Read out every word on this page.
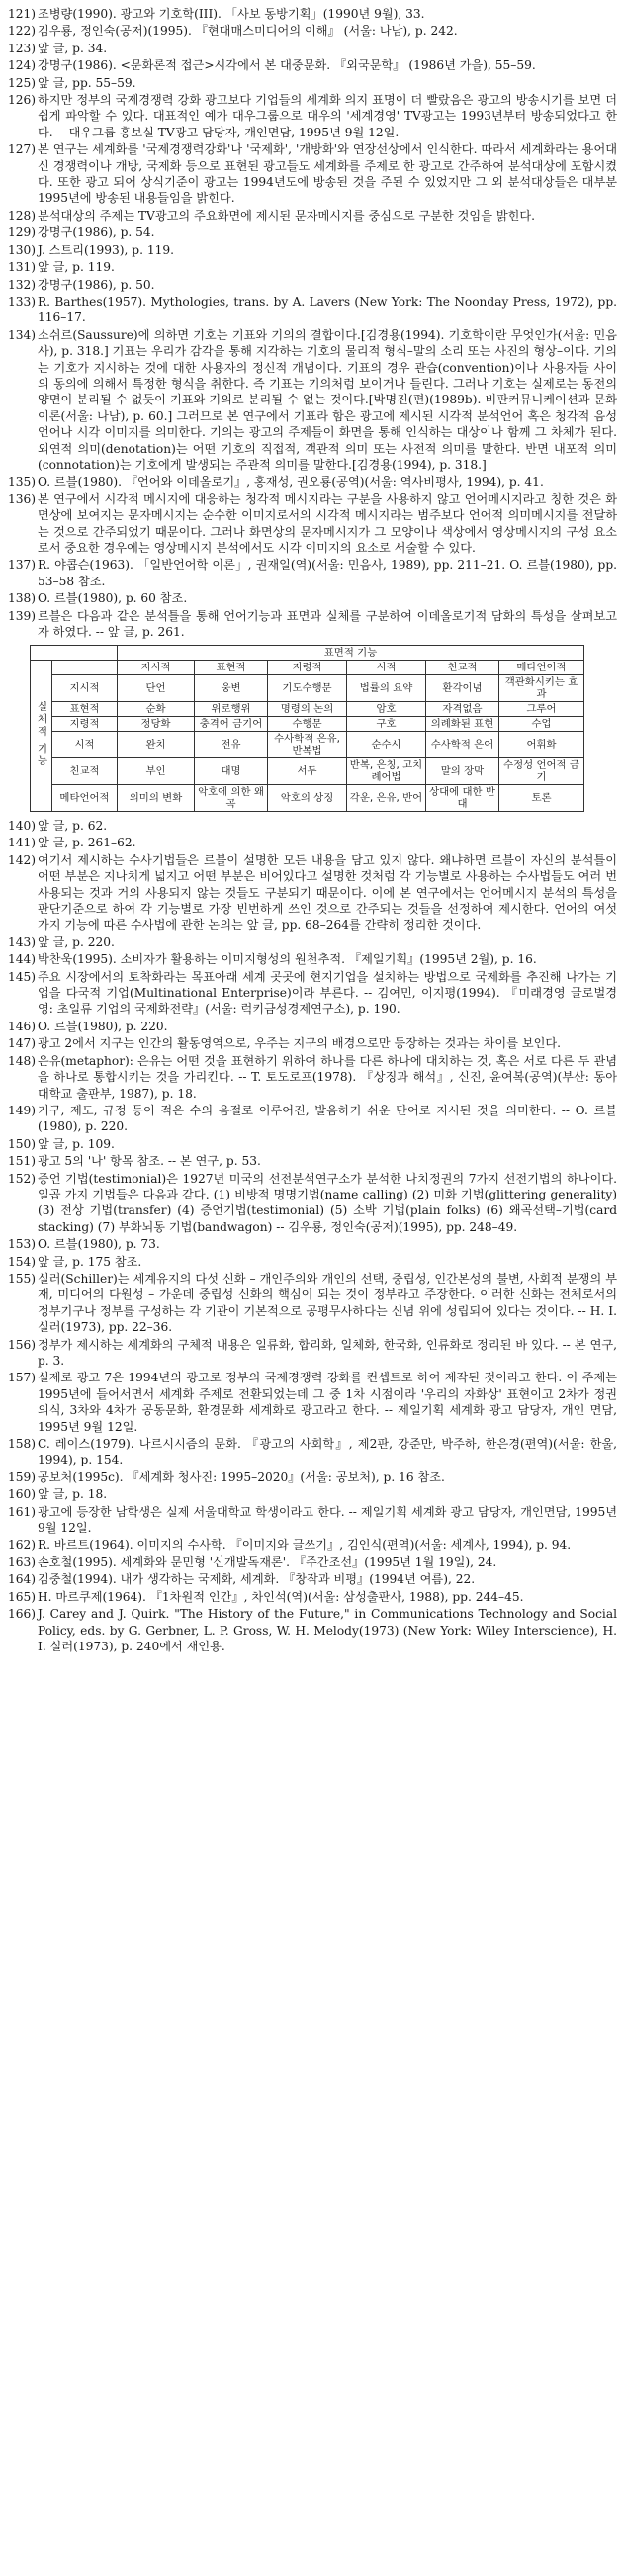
121) 조병량(1990). 광고와 기호학(III). 「사보 동방기획」(1990년 9월), 33.
122) 김우룡, 정인숙(공저)(1995). 『현대매스미디어의 이해』 (서울: 나남), p. 242.
123) 앞 글, p. 34.
124) 강명구(1986). <문화론적 접근>시각에서 본 대중문화. 『외국문학』 (1986년 가을), 55–59.
125) 앞 글, pp. 55–59.
126) 하지만 정부의 국제경쟁력 강화 광고보다 기업들의 세계화 의지 표명이 더 빨랐음은 광고의 방송시기를 보면 더 쉽게 파악할 수 있다. 대표적인 예가 대우그룹으로 대우의 '세계경영' TV광고는 1993년부터 방송되었다고 한다. -- 대우그룹 홍보실 TV광고 담당자, 개인면담, 1995년 9월 12일.
127) 본 연구는 세계화를 '국제경쟁력강화'나 '국제화', '개방화'와 연장선상에서 인식한다. 따라서 세계화라는 용어대신 경쟁력이나 개방, 국제화 등으로 표현된 광고들도 세계화를 주제로 한 광고로 간주하여 분석대상에 포함시켰다. 또한 광고 되어 상식기준이 광고는 1994년도에 방송된 것을 주된 수 있었지만 그 외 분석대상들은 대부분 1995년에 방송된 내용들임을 밝힌다.
128) 분석대상의 주제는 TV광고의 주요화면에 제시된 문자메시지를 중심으로 구분한 것임을 밝힌다.
129) 강명구(1986), p. 54.
130) J. 스트리(1993), p. 119.
131) 앞 글, p. 119.
132) 강명구(1986), p. 50.
133) R. Barthes(1957). Mythologies, trans. by A. Lavers (New York: The Noonday Press, 1972), pp. 116–17.
134) 소쉬르(Saussure)에 의하면 기호는 기표와 기의의 결합이다.[김경용(1994). 기호학이란 무엇인가(서울: 민음사), p. 318.] 기표는 우리가 감각을 통해 지각하는 기호의 물리적 형식–말의 소리 또는 사진의 형상–이다. 기의는 기호가 지시하는 것에 대한 사용자의 정신적 개념이다. 기표의 경우 관습(convention)이나 사용자들 사이의 동의에 의해서 특정한 형식을 취한다. 즉 기표는 기의처럼 보이거나 들린다. 그러나 기호는 실제로는 동전의 양면이 분리될 수 없듯이 기표와 기의로 분리될 수 없는 것이다.[박명진(편)(1989b). 비판커뮤니케이션과 문화이론(서울: 나남), p. 60.] 그러므로 본 연구에서 기표라 함은 광고에 제시된 시각적 분석언어 혹은 청각적 음성언어나 시각 이미지를 의미한다. 기의는 광고의 주제들이 화면을 통해 인식하는 대상이나 함께 그 차체가 된다. 외연적 의미(denotation)는 어떤 기호의 직접적, 객관적 의미 또는 사전적 의미를 말한다. 반면 내포적 의미(connotation)는 기호에게 발생되는 주관적 의미를 말한다.[김경용(1994), p. 318.]
135) O. 르블(1980). 『언어와 이데올로기』, 홍재성, 권오룡(공역)(서울: 역사비평사, 1994), p. 41.
136) 본 연구에서 시각적 메시지에 대응하는 청각적 메시지라는 구분을 사용하지 않고 언어메시지라고 칭한 것은 화면상에 보여지는 문자메시지는 순수한 이미지로서의 시각적 메시지라는 범주보다 언어적 의미메시지를 전달하는 것으로 간주되었기 때문이다. 그러나 화면상의 문자메시지가 그 모양이나 색상에서 영상메시지의 구성 요소로서 중요한 경우에는 영상메시지 분석에서도 시각 이미지의 요소로 서술할 수 있다.
137) R. 야콥슨(1963). 「일반언어학 이론」, 권재일(역)(서울: 민음사, 1989), pp. 211–21. O. 르블(1980), pp. 53–58 참조.
138) O. 르블(1980), p. 60 참조.
139) 르블은 다음과 같은 분석틀을 통해 언어기능과 표면과 실체를 구분하여 이데올로기적 담화의 특성을 살펴보고자 하였다. -- 앞 글, p. 261.
		표면적 기능					
실체적 기능		지시적	표현적	지령적	시적	친교적	메타언어적
	지시적	단언	웅변	기도수행문	법률의 요약	환각이념	객관화시키는 효과
	표현적	순화	위로행위	명령의 논의	암호	자격없음	그루어
	지령적	정당화	충격어 금기어	수행문	구호	의례화된 표현	수업
	시적	완치	전유	수사학적 은유, 반복법	순수시	수사학적 은어	어휘화
	친교적	부인	대명	서두	반복, 은칭, 고치례어법	말의 장막	수정성 언어적 금기
	메타언어적	의미의 변화	악호에 의한 왜곡	악호의 상징	각운, 은유, 반어	상대에 대한 반대	토론
140) 앞 글, p. 62.
141) 앞 글, p. 261–62.
142) 여기서 제시하는 수사기법들은 르블이 설명한 모든 내용을 담고 있지 않다. 왜냐하면 르블이 자신의 분석틀이 어떤 부분은 지나치게 넓지고 어떤 부분은 비어있다고 설명한 것처럼 각 기능별로 사용하는 수사법들도 여러 번 사용되는 것과 거의 사용되지 않는 것들도 구분되기 때문이다. 이에 본 연구에서는 언어메시지 분석의 특성을 판단기준으로 하여 각 기능별로 가장 빈번하게 쓰인 것으로 간주되는 것들을 선정하여 제시한다. 언어의 여섯 가지 기능에 따른 수사법에 관한 논의는 앞 글, pp. 68–264를 간략히 정리한 것이다.
143) 앞 글, p. 220.
144) 박찬욱(1995). 소비자가 활용하는 이미지형성의 원천추적. 『제일기획』(1995년 2월), p. 16.
145) 주요 시장에서의 토착화라는 목표아래 세계 곳곳에 현지기업을 설치하는 방법으로 국제화를 추진해 나가는 기업을 다국적 기업(Multinational Enterprise)이라 부른다. -- 김여민, 이지평(1994). 『미래경영 글로벌경영: 초일류 기업의 국제화전략』(서울: 럭키금성경제연구소), p. 190.
146) O. 르블(1980), p. 220.
147) 광고 2에서 지구는 인간의 활동영역으로, 우주는 지구의 배경으로만 등장하는 것과는 차이를 보인다.
148) 은유(metaphor): 은유는 어떤 것을 표현하기 위하여 하나를 다른 하나에 대치하는 것, 혹은 서로 다른 두 관념을 하나로 통합시키는 것을 가리킨다. -- T. 토도로프(1978). 『상징과 해석』, 신진, 윤여복(공역)(부산: 동아대학교 출판부, 1987), p. 18.
149) 기구, 제도, 규정 등이 적은 수의 음절로 이루어진, 발음하기 쉬운 단어로 지시된 것을 의미한다. -- O. 르블(1980), p. 220.
150) 앞 글, p. 109.
151) 광고 5의 '나' 항목 참조. -- 본 연구, p. 53.
152) 증언 기법(testimonial)은 1927년 미국의 선전분석연구소가 분석한 나치정권의 7가지 선전기법의 하나이다. 일곱 가지 기법들은 다음과 같다. (1) 비방적 명명기법(name calling) (2) 미화 기법(glittering generality) (3) 전상 기법(transfer) (4) 증언기법(testimonial) (5) 소박 기법(plain folks) (6) 왜곡선택–기법(card stacking) (7) 부화뇌동 기법(bandwagon) -- 김우룡, 정인숙(공저)(1995), pp. 248–49.
153) O. 르블(1980), p. 73.
154) 앞 글, p. 175 참조.
155) 실러(Schiller)는 세계유지의 다섯 신화 – 개인주의와 개인의 선택, 중립성, 인간본성의 불변, 사회적 분쟁의 부재, 미디어의 다원성 – 가운데 중립성 신화의 핵심이 되는 것이 정부라고 주장한다. 이러한 신화는 전체로서의 정부기구나 정부를 구성하는 각 기관이 기본적으로 공평무사하다는 신념 위에 성립되어 있다는 것이다. -- H. I. 실러(1973), pp. 22–36.
156) 정부가 제시하는 세계화의 구체적 내용은 일류화, 합리화, 일체화, 한국화, 인류화로 정리된 바 있다. -- 본 연구, p. 3.
157) 실제로 광고 7은 1994년의 광고로 정부의 국제경쟁력 강화를 컨셉트로 하여 제작된 것이라고 한다. 이 주제는 1995년에 들어서면서 세계화 주제로 전환되었는데 그 중 1차 시점이라 '우리의 자화상' 표현이고 2차가 정권의식, 3차와 4차가 공동문화, 환경문화 세계화로 광고라고 한다. -- 제일기획 세계화 광고 담당자, 개인 면담, 1995년 9월 12일.
158) C. 레이스(1979). 나르시시즘의 문화. 『광고의 사회학』, 제2판, 강준만, 박주하, 한은경(편역)(서울: 한울, 1994), p. 154.
159) 공보처(1995c). 『세계화 청사진: 1995–2020』(서울: 공보처), p. 16 참조.
160) 앞 글, p. 18.
161) 광고에 등장한 남학생은 실제 서울대학교 학생이라고 한다. -- 제일기획 세계화 광고 담당자, 개인면담, 1995년 9월 12일.
162) R. 바르트(1964). 이미지의 수사학. 『이미지와 글쓰기』, 김인식(편역)(서울: 세계사, 1994), p. 94.
163) 손호철(1995). 세계화와 문민형 '신개발독재론'. 『주간조선』(1995년 1월 19일), 24.
164) 김중철(1994). 내가 생각하는 국제화, 세계화. 『창작과 비평』(1994년 여름), 22.
165) H. 마르쿠제(1964). 『1차원적 인간』, 차인석(역)(서울: 삼성출판사, 1988), pp. 244–45.
166) J. Carey and J. Quirk. "The History of the Future," in Communications Technology and Social Policy, eds. by G. Gerbner, L. P. Gross, W. H. Melody(1973) (New York: Wiley Interscience), H. I. 실러(1973), p. 240에서 재인용.
